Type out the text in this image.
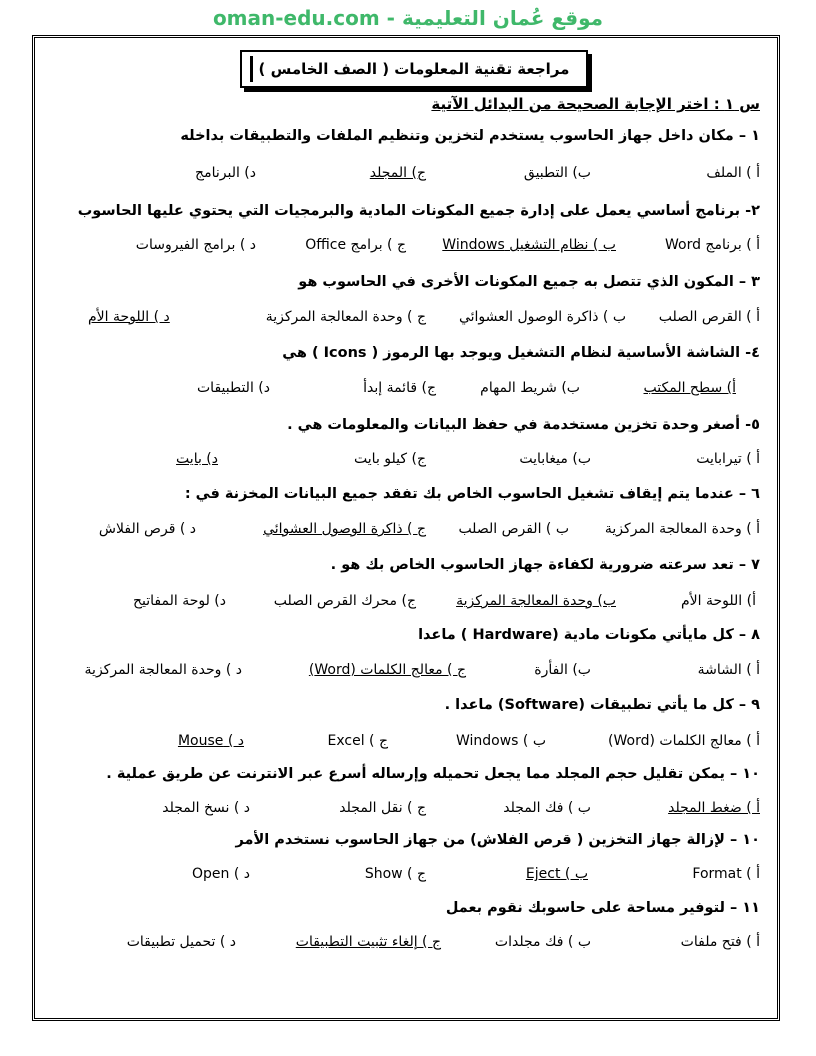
oman-edu.com - موقع عُمان التعليمية
مراجعة تقنية المعلومات ( الصف الخامس )
س ١ : اختر الإجابة الصحيحة من البدائل الآتية
١ – مكان داخل جهاز الحاسوب يستخدم لتخزين وتنظيم الملفات والتطبيقات بداخله
أ ) الملف
ب) التطبيق
ج) المجلد
د) البرنامج
٢- برنامج أساسي يعمل على إدارة جميع المكونات المادية والبرمجيات التي يحتوي عليها الحاسوب
أ ) برنامج Word
ب ) نظام التشغيل Windows
ج ) برامج Office
د ) برامج الفيروسات
٣ – المكون الذي تتصل به جميع المكونات الأخرى في الحاسوب هو
أ ) القرص الصلب
ب ) ذاكرة الوصول العشوائي
ج ) وحدة المعالجة المركزية
د ) اللوحة الأم
٤- الشاشة الأساسية لنظام التشغيل ويوجد بها الرموز ( Icons ) هي
أ) سطح المكتب
ب) شريط المهام
ج) قائمة إبدأ
د) التطبيقات
٥- أصغر وحدة تخزين مستخدمة في حفظ البيانات والمعلومات هي .
أ ) تيرابايت
ب) ميغابايت
ج) كيلو بايت
د) بايت
٦ – عندما يتم إيقاف تشغيل الحاسوب الخاص بك تفقد جميع البيانات المخزنة في :
أ ) وحدة المعالجة المركزية
ب ) القرص الصلب
ج ) ذاكرة الوصول العشوائي
د ) قرص الفلاش
٧ – تعد سرعته ضرورية لكفاءة جهاز الحاسوب الخاص بك هو .
أ) اللوحة الأم
ب) وحدة المعالجة المركزية
ج) محرك القرص الصلب
د) لوحة المفاتيح
٨ – كل مايأتي مكونات مادية (Hardware ) ماعدا
أ ) الشاشة
ب) الفأرة
ج ) معالج الكلمات (Word)
د ) وحدة المعالجة المركزية
٩ – كل ما يأتي تطبيقات (Software) ماعدا .
أ ) معالج الكلمات (Word)
ب ) Windows
ج ) Excel
د ) Mouse
١٠ – يمكن تقليل حجم المجلد مما يجعل تحميله وإرساله أسرع عبر الانترنت عن طريق عملية .
أ ) ضغط المجلد
ب ) فك المجلد
ج ) نقل المجلد
د ) نسخ المجلد
١٠ – لإزالة جهاز التخزين ( قرص الفلاش) من جهاز الحاسوب نستخدم الأمر
أ ) Format
ب ) Eject
ج ) Show
د ) Open
١١ – لتوفير مساحة على حاسوبك نقوم بعمل
أ ) فتح ملفات
ب ) فك مجلدات
ج ) إلغاء تثبيت التطبيقات
د ) تحميل تطبيقات
